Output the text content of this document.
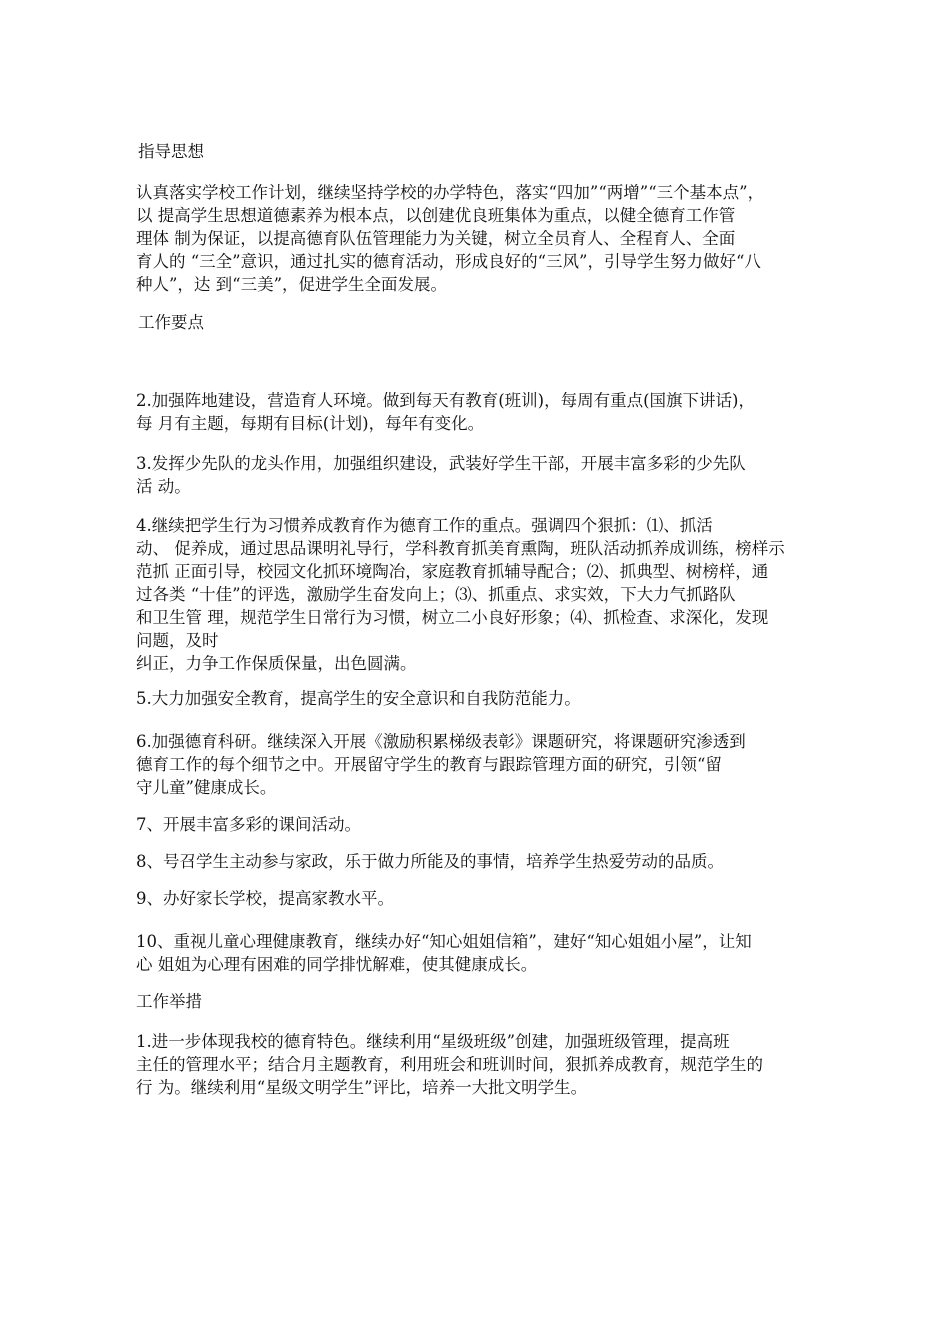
指导思想

认真落实学校工作计划，继续坚持学校的办学特色，落实“四加”“两增”“三个基本点”，
以 提高学生思想道德素养为根本点，以创建优良班集体为重点，以健全德育工作管
理体 制为保证，以提高德育队伍管理能力为关键，树立全员育人、全程育人、全面
育人的 “三全”意识，通过扎实的德育活动，形成良好的“三风”，引导学生努力做好“八
种人”，达 到“三美”，促进学生全面发展。

工作要点

2.加强阵地建设，营造育人环境。做到每天有教育(班训)，每周有重点(国旗下讲话)，
每 月有主题，每期有目标(计划)，每年有变化。
3.发挥少先队的龙头作用，加强组织建设，武装好学生干部，开展丰富多彩的少先队
活 动。
4.继续把学生行为习惯养成教育作为德育工作的重点。强调四个狠抓：⑴、抓活
动、 促养成，通过思品课明礼导行，学科教育抓美育熏陶，班队活动抓养成训练，榜样示
范抓 正面引导，校园文化抓环境陶冶，家庭教育抓辅导配合；⑵、抓典型、树榜样，通
过各类 “十佳”的评选，激励学生奋发向上；⑶、抓重点、求实效，下大力气抓路队
和卫生管 理，规范学生日常行为习惯，树立二小良好形象；⑷、抓检查、求深化，发现
问题，及时
纠正，力争工作保质保量，出色圆满。

5.大力加强安全教育，提高学生的安全意识和自我防范能力。

6.加强德育科研。继续深入开展《激励积累梯级表彰》课题研究，将课题研究渗透到
德育工作的每个细节之中。开展留守学生的教育与跟踪管理方面的研究，引领“留
守儿童”健康成长。

7、开展丰富多彩的课间活动。

8、号召学生主动参与家政，乐于做力所能及的事情，培养学生热爱劳动的品质。

9、办好家长学校，提高家教水平。

10、重视儿童心理健康教育，继续办好“知心姐姐信箱”，建好“知心姐姐小屋”，让知
心 姐姐为心理有困难的同学排忧解难，使其健康成长。

工作举措

1.进一步体现我校的德育特色。继续利用“星级班级”创建，加强班级管理，提高班
主任的管理水平；结合月主题教育，利用班会和班训时间，狠抓养成教育，规范学生的
行 为。继续利用“星级文明学生”评比，培养一大批文明学生。
